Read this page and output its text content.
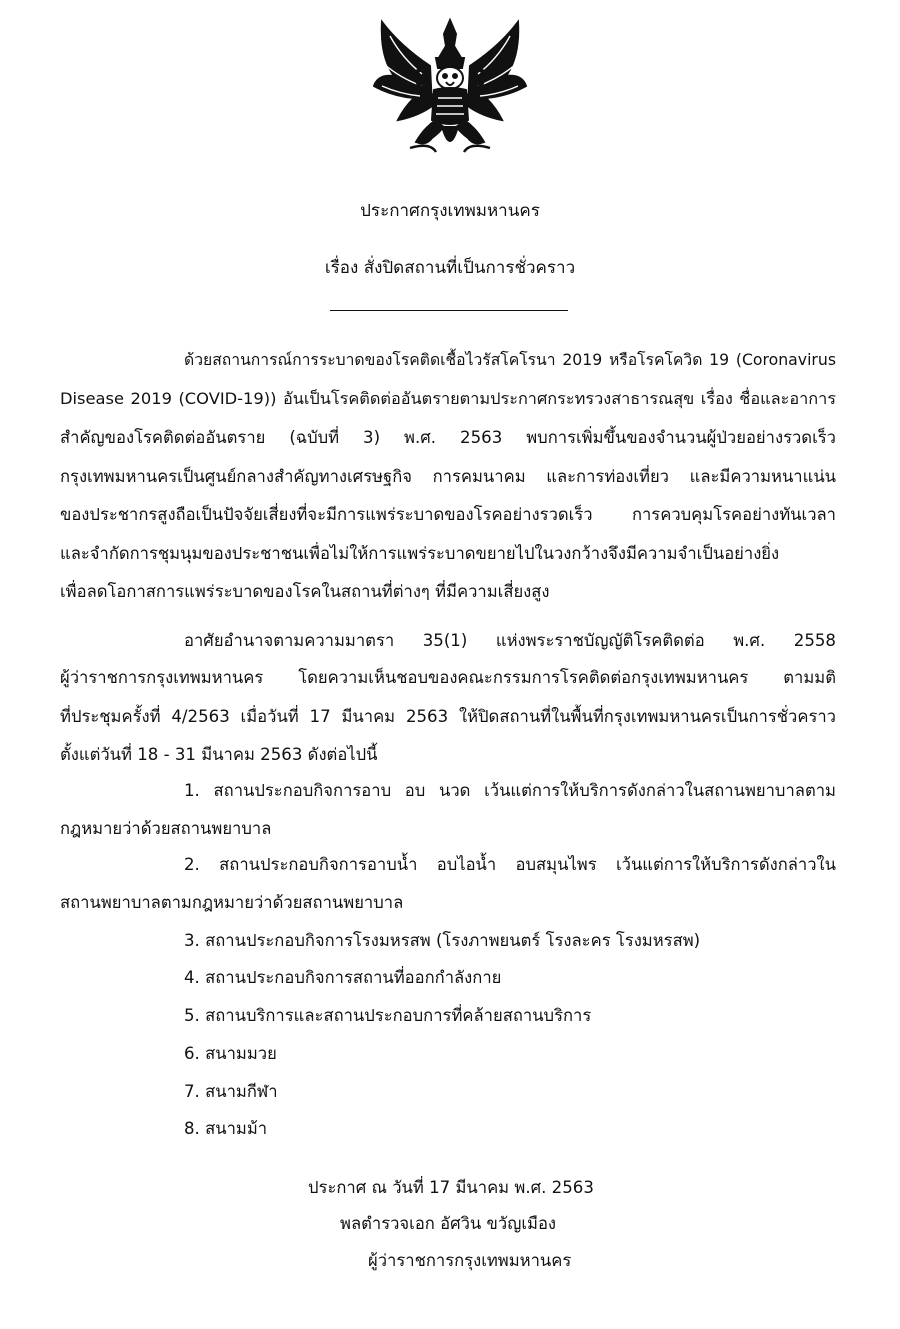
ประกาศกรุงเทพมหานคร
เรื่อง สั่งปิดสถานที่เป็นการชั่วคราว
ด้วยสถานการณ์การระบาดของโรคติดเชื้อไวรัสโคโรนา 2019 หรือโรคโควิด 19 (Coronavirus
Disease 2019 (COVID-19)) อันเป็นโรคติดต่ออันตรายตามประกาศกระทรวงสาธารณสุข เรื่อง ชื่อและอาการ
สำคัญของโรคติดต่ออันตราย (ฉบับที่ 3) พ.ศ. 2563 พบการเพิ่มขึ้นของจำนวนผู้ป่วยอย่างรวดเร็ว
กรุงเทพมหานครเป็นศูนย์กลางสำคัญทางเศรษฐกิจ การคมนาคม และการท่องเที่ยว และมีความหนาแน่น
ของประชากรสูงถือเป็นปัจจัยเสี่ยงที่จะมีการแพร่ระบาดของโรคอย่างรวดเร็ว การควบคุมโรคอย่างทันเวลา
และจำกัดการชุมนุมของประชาชนเพื่อไม่ให้การแพร่ระบาดขยายไปในวงกว้างจึงมีความจำเป็นอย่างยิ่ง
เพื่อลดโอกาสการแพร่ระบาดของโรคในสถานที่ต่างๆ ที่มีความเสี่ยงสูง
อาศัยอำนาจตามความมาตรา 35(1) แห่งพระราชบัญญัติโรคติดต่อ พ.ศ. 2558
ผู้ว่าราชการกรุงเทพมหานคร โดยความเห็นชอบของคณะกรรมการโรคติดต่อกรุงเทพมหานคร ตามมติ
ที่ประชุมครั้งที่ 4/2563 เมื่อวันที่ 17 มีนาคม 2563 ให้ปิดสถานที่ในพื้นที่กรุงเทพมหานครเป็นการชั่วคราว
ตั้งแต่วันที่ 18 - 31 มีนาคม 2563 ดังต่อไปนี้
1. สถานประกอบกิจการอาบ อบ นวด เว้นแต่การให้บริการดังกล่าวในสถานพยาบาลตาม
กฎหมายว่าด้วยสถานพยาบาล
2. สถานประกอบกิจการอาบน้ำ อบไอน้ำ อบสมุนไพร เว้นแต่การให้บริการดังกล่าวใน
สถานพยาบาลตามกฎหมายว่าด้วยสถานพยาบาล
3. สถานประกอบกิจการโรงมหรสพ (โรงภาพยนตร์ โรงละคร โรงมหรสพ)
4. สถานประกอบกิจการสถานที่ออกกำลังกาย
5. สถานบริการและสถานประกอบการที่คล้ายสถานบริการ
6. สนามมวย
7. สนามกีฬา
8. สนามม้า
ประกาศ ณ วันที่ 17 มีนาคม พ.ศ. 2563
พลตำรวจเอก อัศวิน ขวัญเมือง
ผู้ว่าราชการกรุงเทพมหานคร
